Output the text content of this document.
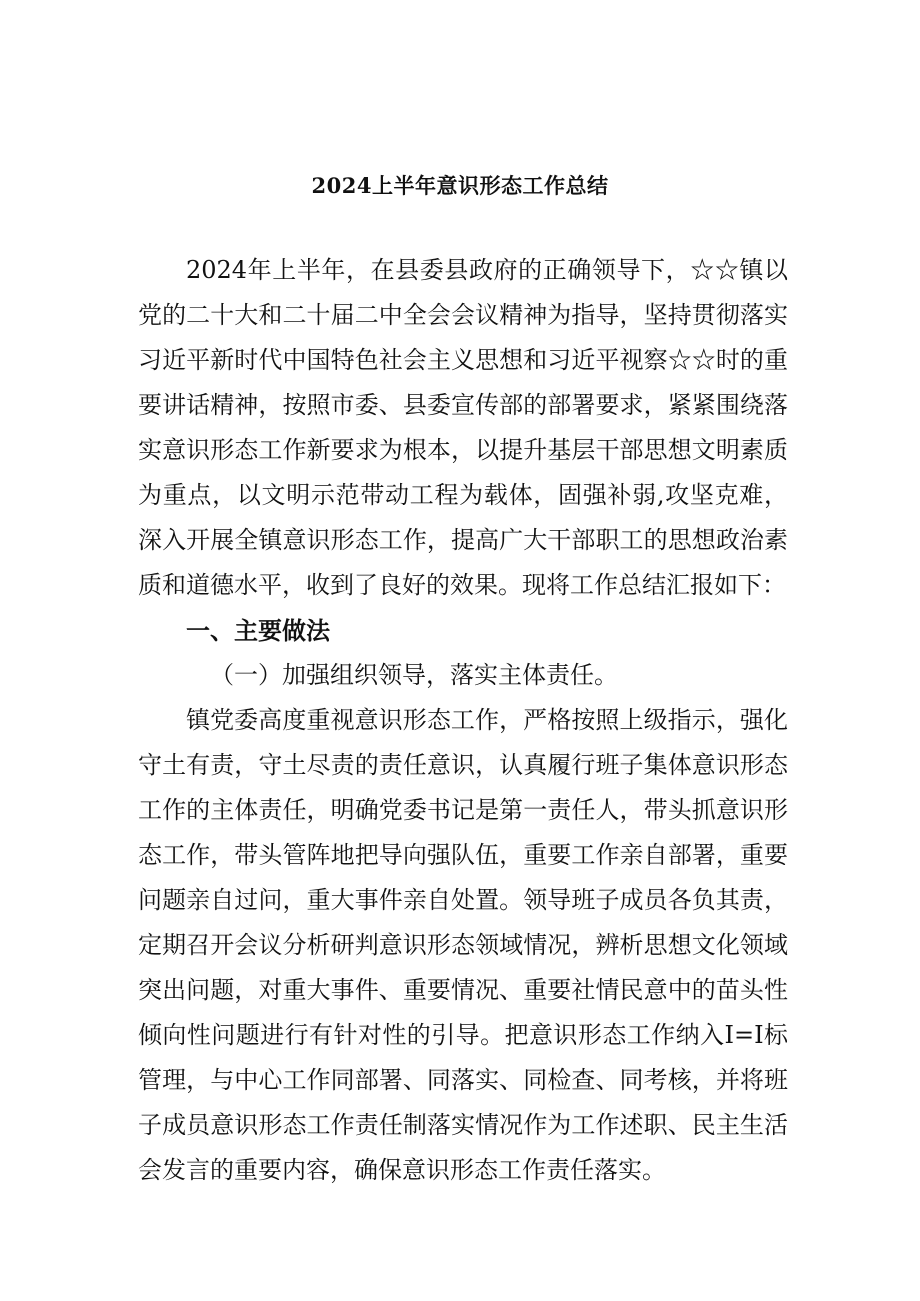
2024上半年意识形态工作总结

2024年上半年，在县委县政府的正确领导下，☆☆镇以党的二十大和二十届二中全会会议精神为指导，坚持贯彻落实习近平新时代中国特色社会主义思想和习近平视察☆☆时的重要讲话精神，按照市委、县委宣传部的部署要求，紧紧围绕落实意识形态工作新要求为根本，以提升基层干部思想文明素质为重点，以文明示范带动工程为载体，固强补弱,攻坚克难，深入开展全镇意识形态工作，提高广大干部职工的思想政治素质和道德水平，收到了良好的效果。现将工作总结汇报如下：

一、主要做法

（一）加强组织领导，落实主体责任。

镇党委高度重视意识形态工作，严格按照上级指示，强化守土有责，守土尽责的责任意识，认真履行班子集体意识形态工作的主体责任，明确党委书记是第一责任人，带头抓意识形态工作，带头管阵地把导向强队伍，重要工作亲自部署，重要问题亲自过问，重大事件亲自处置。领导班子成员各负其责，定期召开会议分析研判意识形态领域情况，辨析思想文化领域突出问题，对重大事件、重要情况、重要社情民意中的苗头性倾向性问题进行有针对性的引导。把意识形态工作纳入I=I标管理，与中心工作同部署、同落实、同检查、同考核，并将班子成员意识形态工作责任制落实情况作为工作述职、民主生活会发言的重要内容，确保意识形态工作责任落实。
